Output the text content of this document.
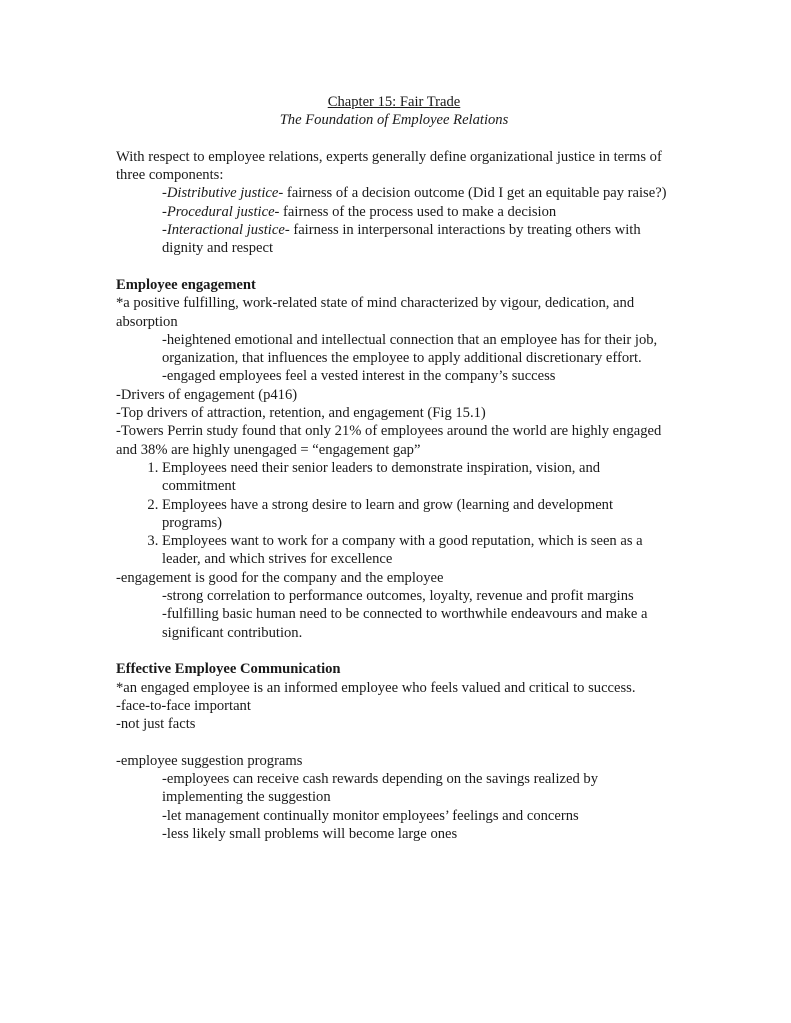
Chapter 15: Fair Trade
The Foundation of Employee Relations

With respect to employee relations, experts generally define organizational justice in terms of three components:

-Distributive justice- fairness of a decision outcome (Did I get an equitable pay raise?)
-Procedural justice- fairness of the process used to make a decision
-Interactional justice- fairness in interpersonal interactions by treating others with dignity and respect
Employee engagement
*a positive fulfilling, work-related state of mind characterized by vigour, dedication, and absorption
-heightened emotional and intellectual connection that an employee has for their job, organization, that influences the employee to apply additional discretionary effort.
-engaged employees feel a vested interest in the company’s success
-Drivers of engagement (p416)
-Top drivers of attraction, retention, and engagement (Fig 15.1)
-Towers Perrin study found that only 21% of employees around the world are highly engaged and 38% are highly unengaged = “engagement gap”
1. Employees need their senior leaders to demonstrate inspiration, vision, and commitment
2. Employees have a strong desire to learn and grow (learning and development programs)
3. Employees want to work for a company with a good reputation, which is seen as a leader, and which strives for excellence
-engagement is good for the company and the employee
-strong correlation to performance outcomes, loyalty, revenue and profit margins
-fulfilling basic human need to be connected to worthwhile endeavours and make a significant contribution.
Effective Employee Communication
*an engaged employee is an informed employee who feels valued and critical to success.
-face-to-face important
-not just facts
-employee suggestion programs
-employees can receive cash rewards depending on the savings realized by implementing the suggestion
-let management continually monitor employees’ feelings and concerns
-less likely small problems will become large ones
